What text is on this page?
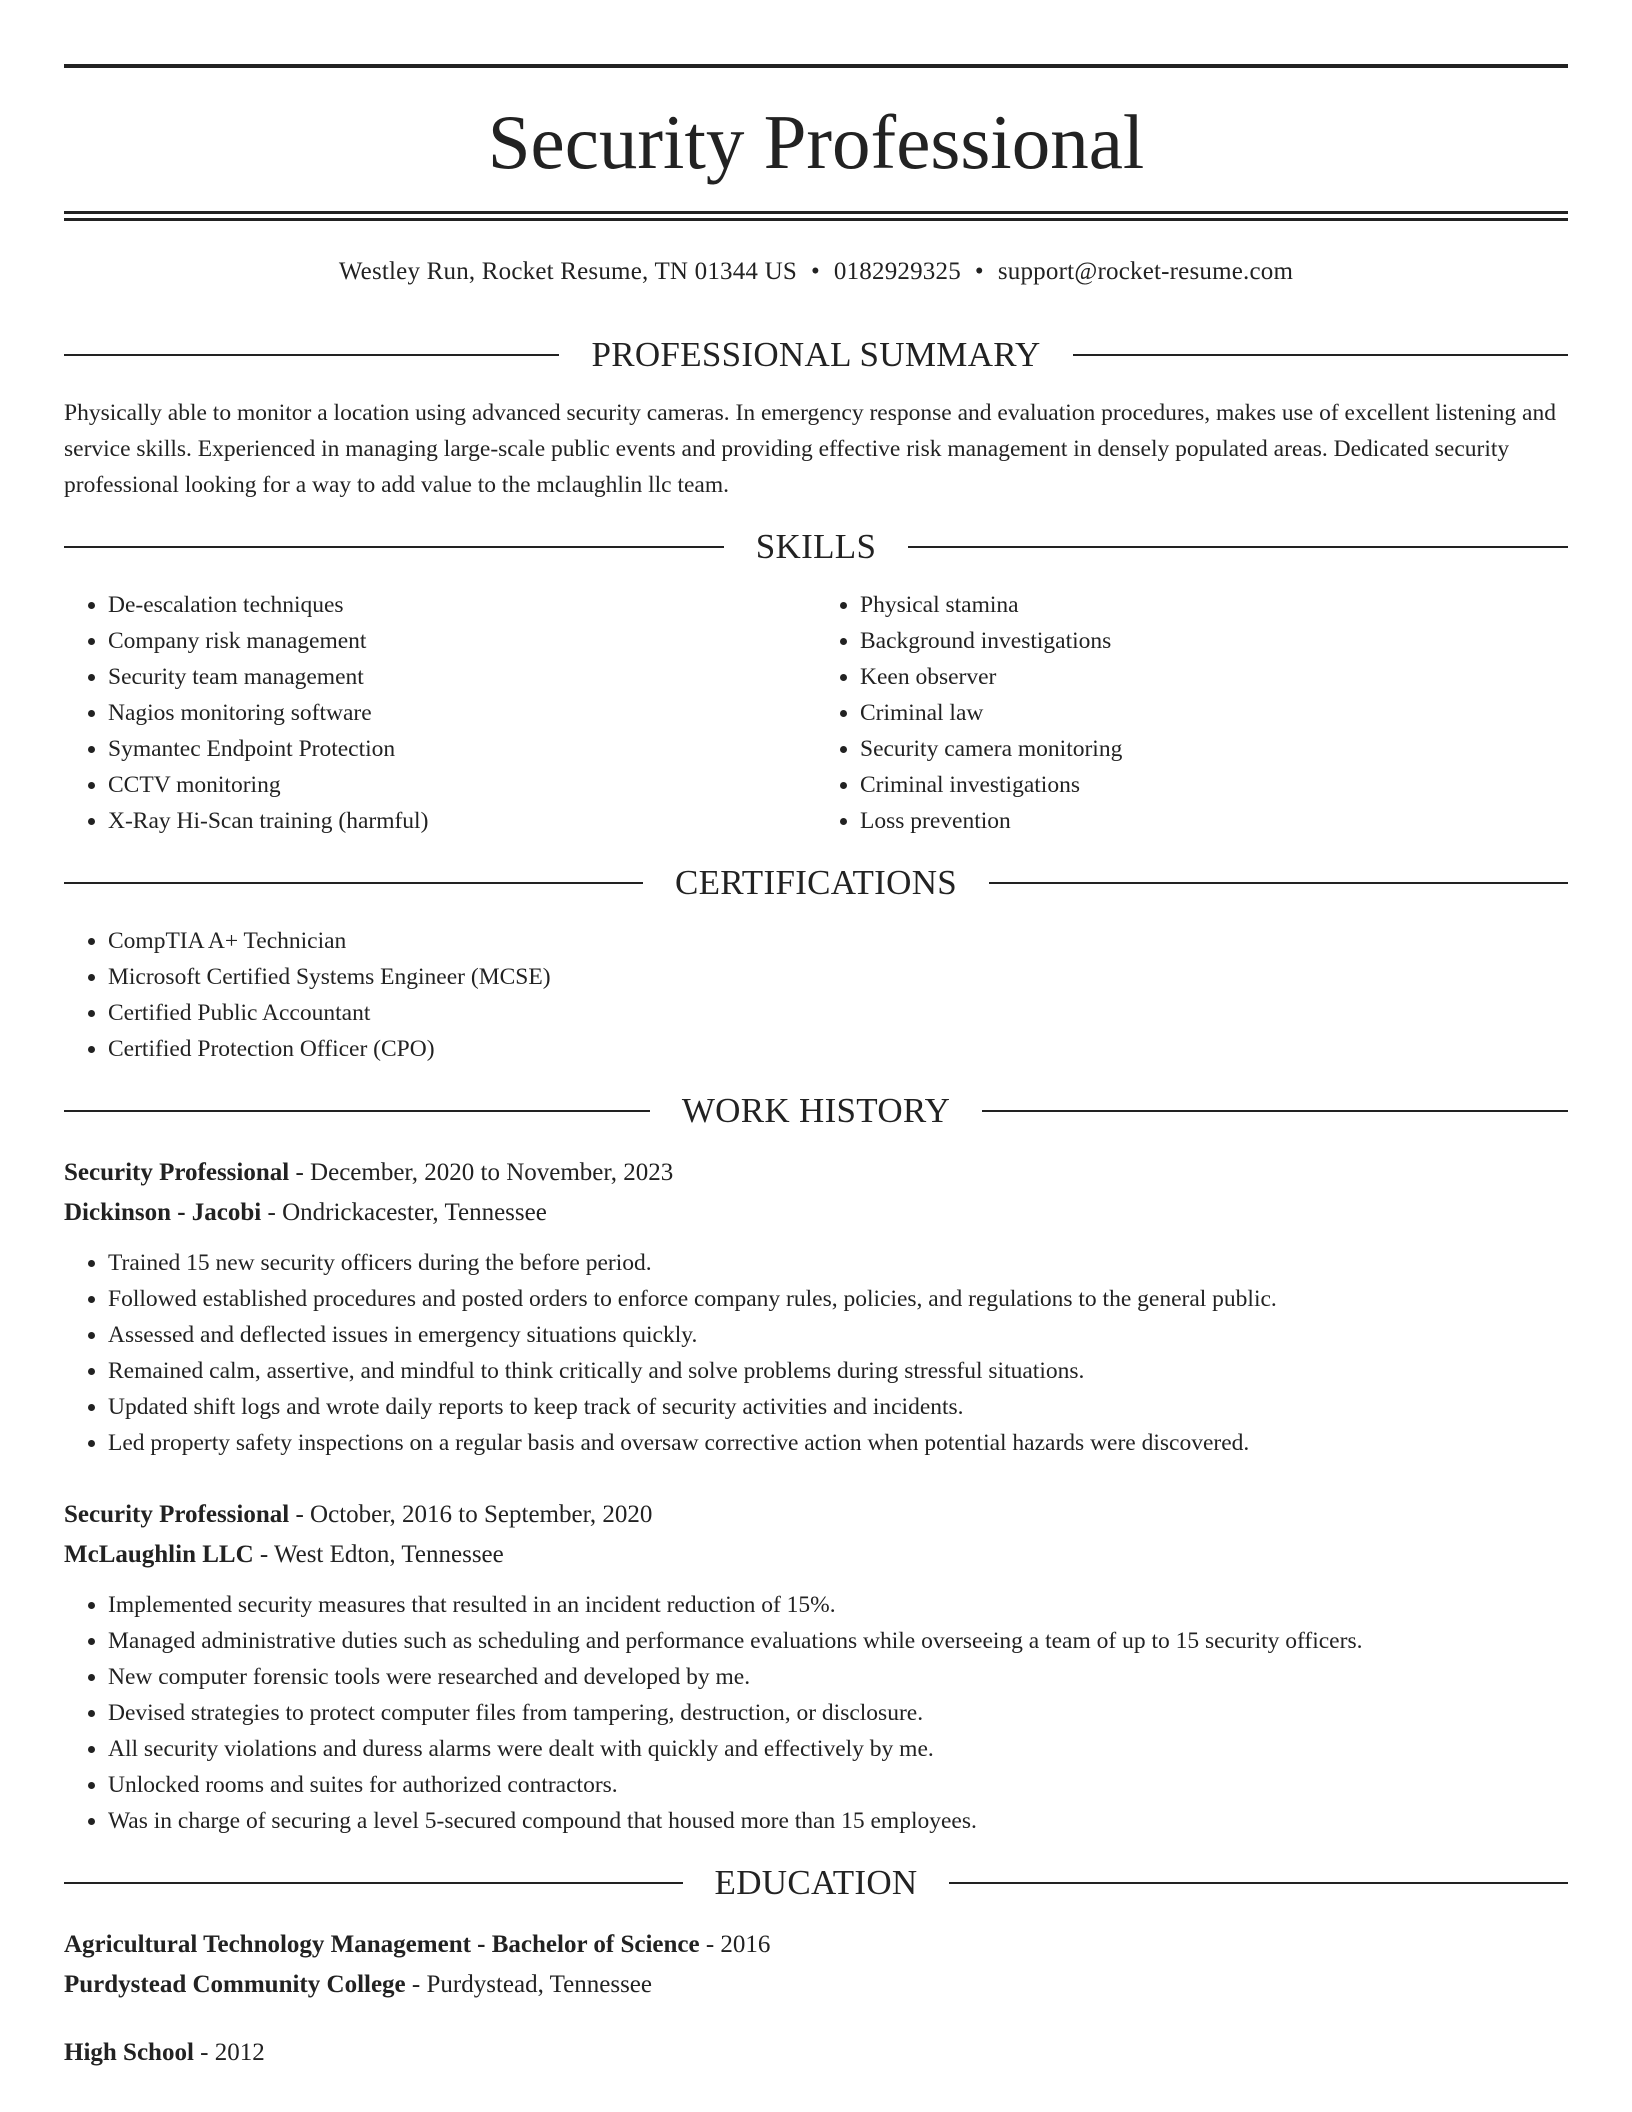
Security Professional
Westley Run, Rocket Resume, TN 01344 US • 0182929325 • support@rocket-resume.com
PROFESSIONAL SUMMARY

Physically able to monitor a location using advanced security cameras. In emergency response and evaluation procedures, makes use of excellent listening and service skills. Experienced in managing large-scale public events and providing effective risk management in densely populated areas. Dedicated security professional looking for a way to add value to the mclaughlin llc team.

SKILLS
• De-escalation techniques
• Company risk management
• Security team management
• Nagios monitoring software
• Symantec Endpoint Protection
• CCTV monitoring
• X-Ray Hi-Scan training (harmful)
• Physical stamina
• Background investigations
• Keen observer
• Criminal law
• Security camera monitoring
• Criminal investigations
• Loss prevention
CERTIFICATIONS
• CompTIA A+ Technician
• Microsoft Certified Systems Engineer (MCSE)
• Certified Public Accountant
• Certified Protection Officer (CPO)
WORK HISTORY
Security Professional - December, 2020 to November, 2023
Dickinson - Jacobi - Ondrickacester, Tennessee
• Trained 15 new security officers during the before period.
• Followed established procedures and posted orders to enforce company rules, policies, and regulations to the general public.
• Assessed and deflected issues in emergency situations quickly.
• Remained calm, assertive, and mindful to think critically and solve problems during stressful situations.
• Updated shift logs and wrote daily reports to keep track of security activities and incidents.
• Led property safety inspections on a regular basis and oversaw corrective action when potential hazards were discovered.
Security Professional - October, 2016 to September, 2020
McLaughlin LLC - West Edton, Tennessee
• Implemented security measures that resulted in an incident reduction of 15%.
• Managed administrative duties such as scheduling and performance evaluations while overseeing a team of up to 15 security officers.
• New computer forensic tools were researched and developed by me.
• Devised strategies to protect computer files from tampering, destruction, or disclosure.
• All security violations and duress alarms were dealt with quickly and effectively by me.
• Unlocked rooms and suites for authorized contractors.
• Was in charge of securing a level 5-secured compound that housed more than 15 employees.
EDUCATION
Agricultural Technology Management - Bachelor of Science - 2016
Purdystead Community College - Purdystead, Tennessee
High School - 2012
